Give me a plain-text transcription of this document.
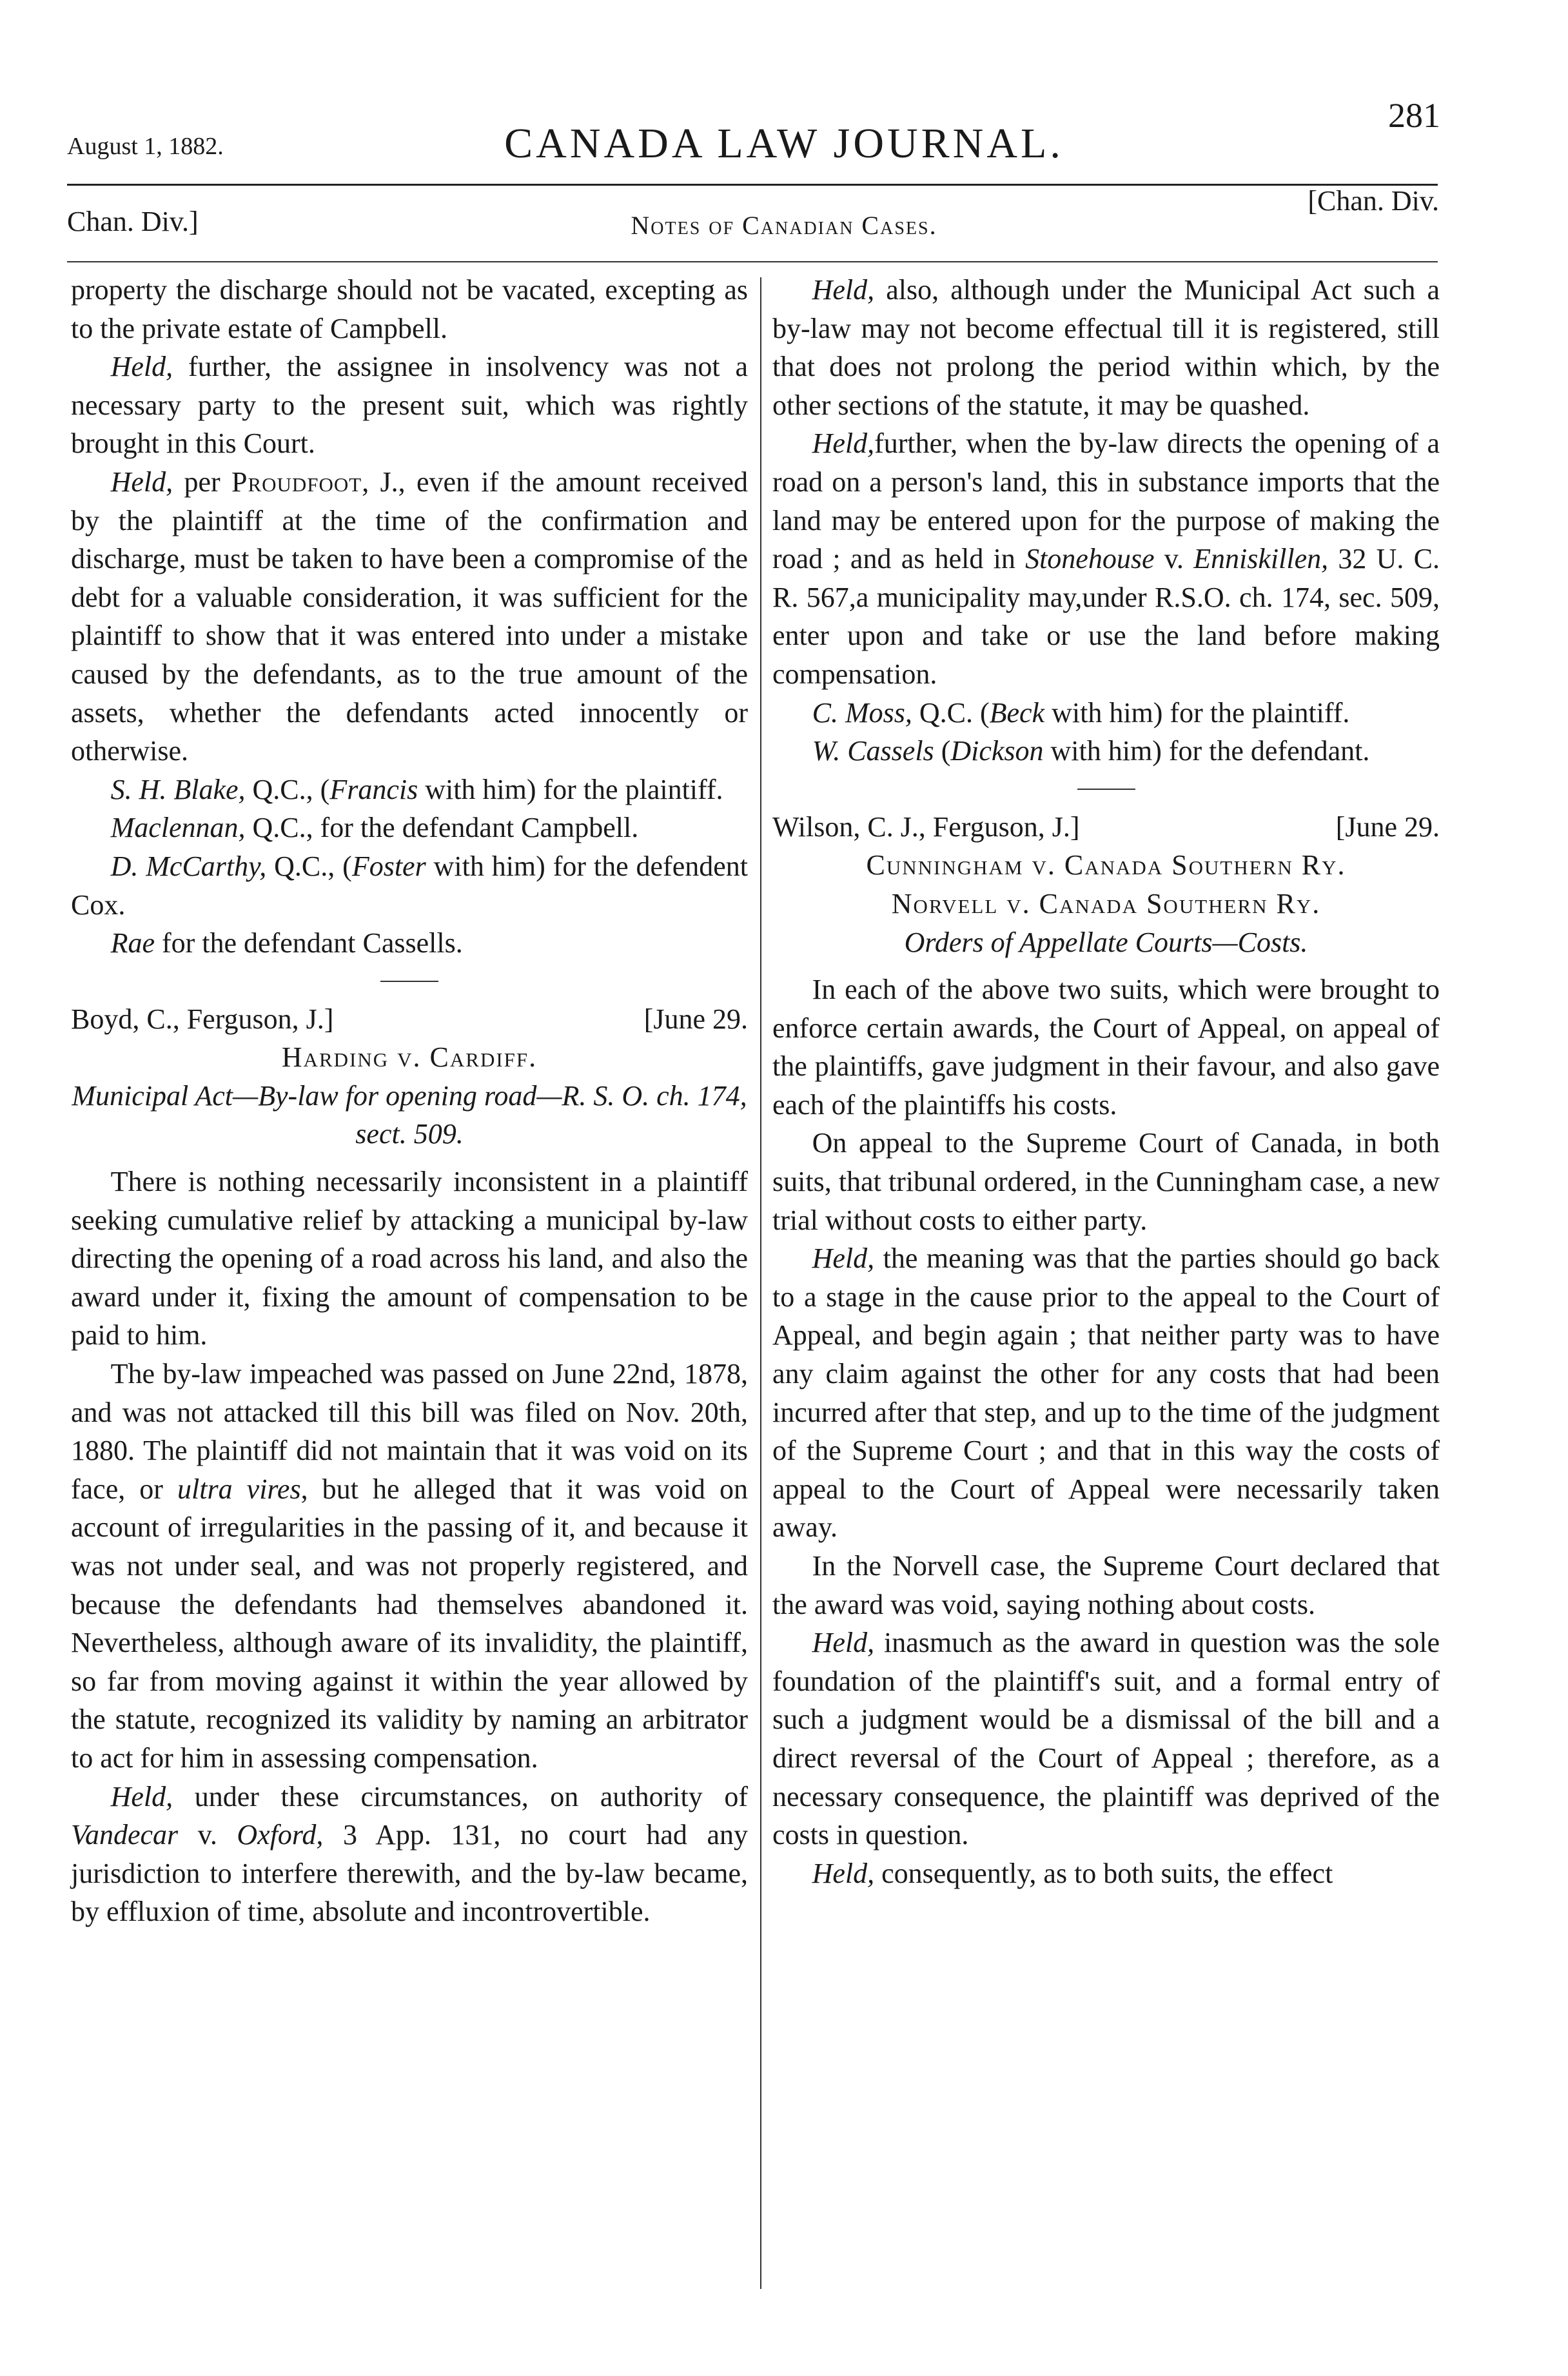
August 1, 1882.	CANADA LAW JOURNAL.
281
Chan. Div.]	Notes of Canadian Cases.
[Chan. Div.

property the discharge should not be vacated, excepting as to the private estate of Campbell.

Held, further, the assignee in insolvency was not a necessary party to the present suit, which was rightly brought in this Court.

Held, per Proudfoot, J., even if the amount received by the plaintiff at the time of the confirmation and discharge, must be taken to have been a compromise of the debt for a valuable consideration, it was sufficient for the plaintiff to show that it was entered into under a mistake caused by the defendants, as to the true amount of the assets, whether the defendants acted innocently or otherwise.

S. H. Blake, Q.C., (Francis with him) for the plaintiff.

Maclennan, Q.C., for the defendant Campbell.

D. McCarthy, Q.C., (Foster with him) for the defendent Cox.

Rae for the defendant Cassells.

Boyd, C., Ferguson, J.]	[June 29.
Harding v. Cardiff.

Municipal Act—By-law for opening road—R. S. O. ch. 174, sect. 509.

There is nothing necessarily inconsistent in a plaintiff seeking cumulative relief by attacking a municipal by-law directing the opening of a road across his land, and also the award under it, fixing the amount of compensation to be paid to him.

The by-law impeached was passed on June 22nd, 1878, and was not attacked till this bill was filed on Nov. 20th, 1880. The plaintiff did not maintain that it was void on its face, or ultra vires, but he alleged that it was void on account of irregularities in the passing of it, and because it was not under seal, and was not properly registered, and because the defendants had themselves abandoned it. Nevertheless, although aware of its invalidity, the plaintiff, so far from moving against it within the year allowed by the statute, recognized its validity by naming an arbitrator to act for him in assessing compensation.

Held, under these circumstances, on authority of Vandecar v. Oxford, 3 App. 131, no court had any jurisdiction to interfere therewith, and the by-law became, by effluxion of time, absolute and incontrovertible.

Held, also, although under the Municipal Act such a by-law may not become effectual till it is registered, still that does not prolong the period within which, by the other sections of the statute, it may be quashed.

Held,further, when the by-law directs the opening of a road on a person's land, this in substance imports that the land may be entered upon for the purpose of making the road ; and as held in Stonehouse v. Enniskillen, 32 U. C. R. 567,a municipality may,under R.S.O. ch. 174, sec. 509, enter upon and take or use the land before making compensation.

C. Moss, Q.C. (Beck with him) for the plaintiff.

W. Cassels (Dickson with him) for the defendant.

Wilson, C. J., Ferguson, J.]	[June 29.
Cunningham v. Canada Southern Ry.
Norvell v. Canada Southern Ry.

Orders of Appellate Courts—Costs.

In each of the above two suits, which were brought to enforce certain awards, the Court of Appeal, on appeal of the plaintiffs, gave judgment in their favour, and also gave each of the plaintiffs his costs.

On appeal to the Supreme Court of Canada, in both suits, that tribunal ordered, in the Cunningham case, a new trial without costs to either party.

Held, the meaning was that the parties should go back to a stage in the cause prior to the appeal to the Court of Appeal, and begin again ; that neither party was to have any claim against the other for any costs that had been incurred after that step, and up to the time of the judgment of the Supreme Court ; and that in this way the costs of appeal to the Court of Appeal were necessarily taken away.

In the Norvell case, the Supreme Court declared that the award was void, saying nothing about costs.

Held, inasmuch as the award in question was the sole foundation of the plaintiff's suit, and a formal entry of such a judgment would be a dismissal of the bill and a direct reversal of the Court of Appeal ; therefore, as a necessary consequence, the plaintiff was deprived of the costs in question.

Held, consequently, as to both suits, the effect
